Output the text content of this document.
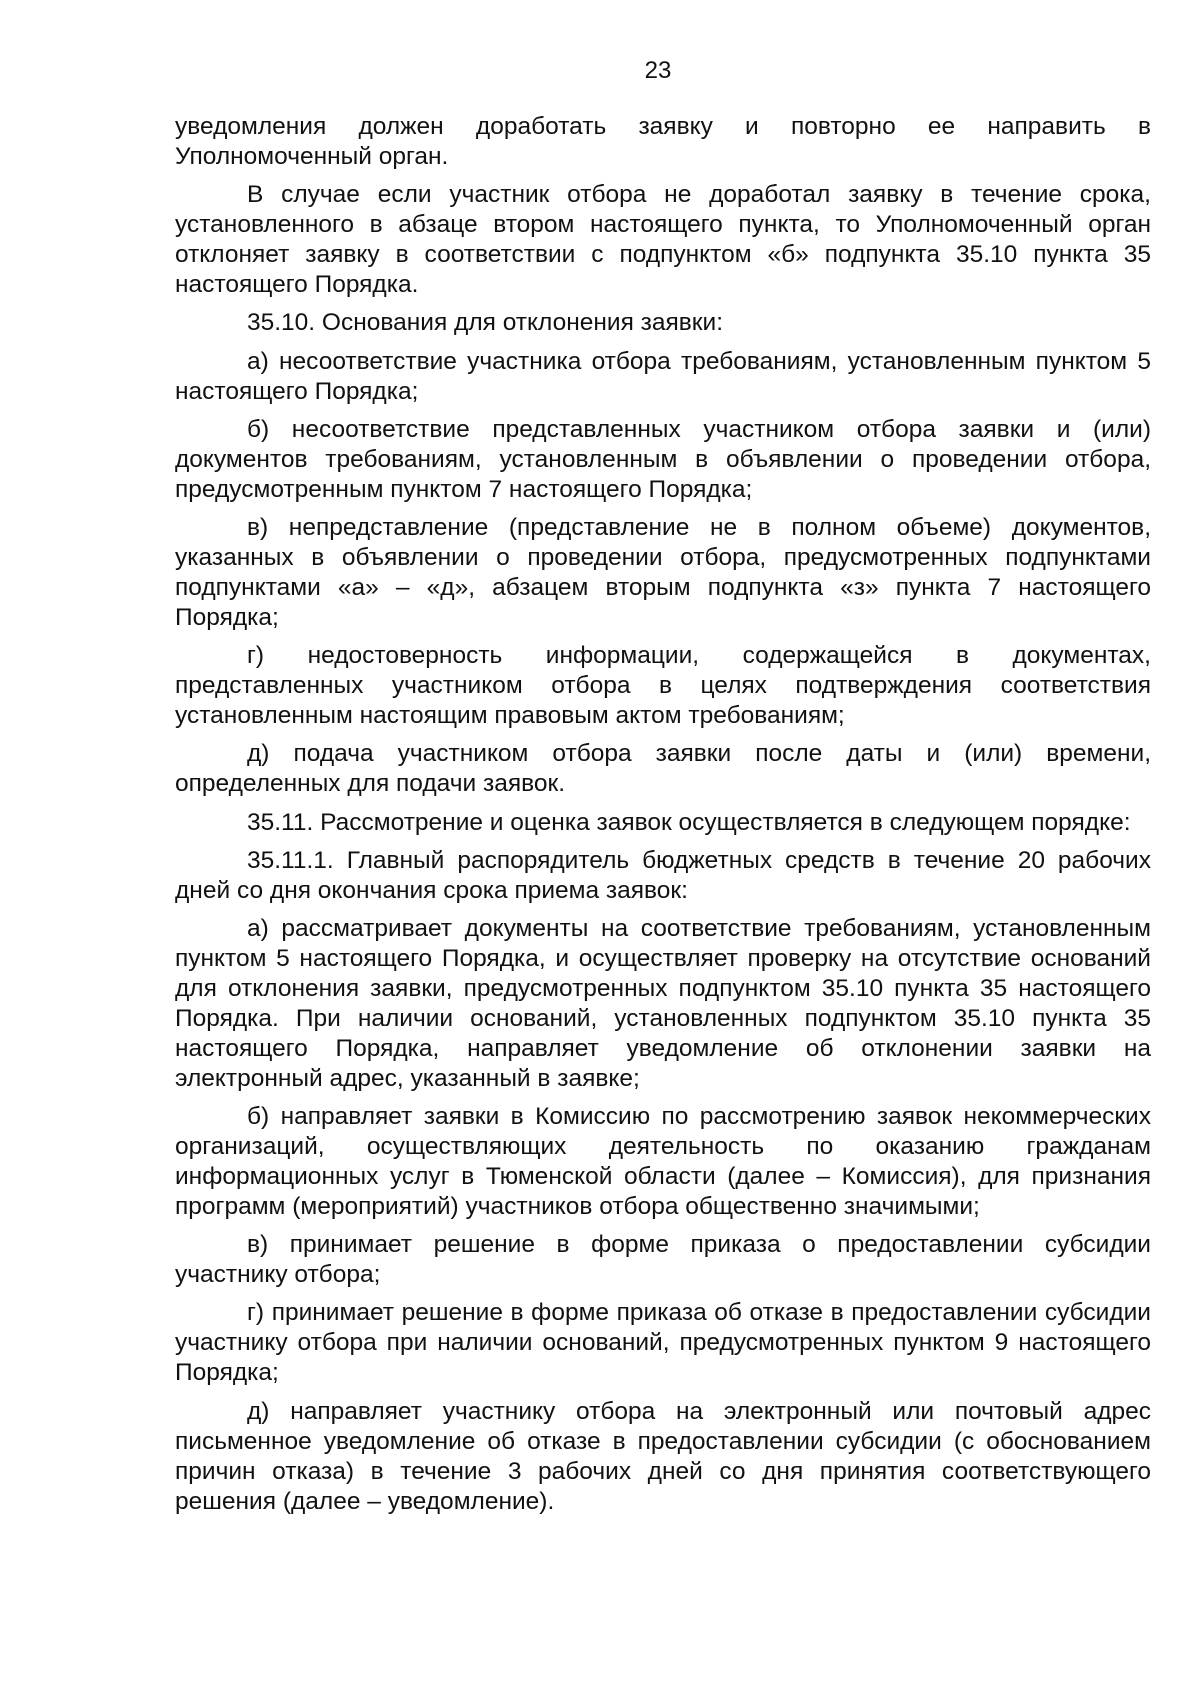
23

уведомления должен доработать заявку и повторно ее направить в Уполномоченный орган.

В случае если участник отбора не доработал заявку в течение срока, установленного в абзаце втором настоящего пункта, то Уполномоченный орган отклоняет заявку в соответствии с подпунктом «б» подпункта 35.10 пункта 35 настоящего Порядка.

35.10. Основания для отклонения заявки:

а) несоответствие участника отбора требованиям, установленным пунктом 5 настоящего Порядка;

б) несоответствие представленных участником отбора заявки и (или) документов требованиям, установленным в объявлении о проведении отбора, предусмотренным пунктом 7 настоящего Порядка;

в) непредставление (представление не в полном объеме) документов, указанных в объявлении о проведении отбора, предусмотренных подпунктами подпунктами «а» – «д», абзацем вторым подпункта «з» пункта 7 настоящего Порядка;

г) недостоверность информации, содержащейся в документах, представленных участником отбора в целях подтверждения соответствия установленным настоящим правовым актом требованиям;

д) подача участником отбора заявки после даты и (или) времени, определенных для подачи заявок.

35.11. Рассмотрение и оценка заявок осуществляется в следующем порядке:

35.11.1. Главный распорядитель бюджетных средств в течение 20 рабочих дней со дня окончания срока приема заявок:

а) рассматривает документы на соответствие требованиям, установленным пунктом 5 настоящего Порядка, и осуществляет проверку на отсутствие оснований для отклонения заявки, предусмотренных подпунктом 35.10 пункта 35 настоящего Порядка. При наличии оснований, установленных подпунктом 35.10 пункта 35 настоящего Порядка, направляет уведомление об отклонении заявки на электронный адрес, указанный в заявке;

б) направляет заявки в Комиссию по рассмотрению заявок некоммерческих организаций, осуществляющих деятельность по оказанию гражданам информационных услуг в Тюменской области (далее – Комиссия), для признания программ (мероприятий) участников отбора общественно значимыми;

в) принимает решение в форме приказа о предоставлении субсидии участнику отбора;

г) принимает решение в форме приказа об отказе в предоставлении субсидии участнику отбора при наличии оснований, предусмотренных пунктом 9 настоящего Порядка;

д) направляет участнику отбора на электронный или почтовый адрес письменное уведомление об отказе в предоставлении субсидии (с обоснованием причин отказа) в течение 3 рабочих дней со дня принятия соответствующего решения (далее – уведомление).
